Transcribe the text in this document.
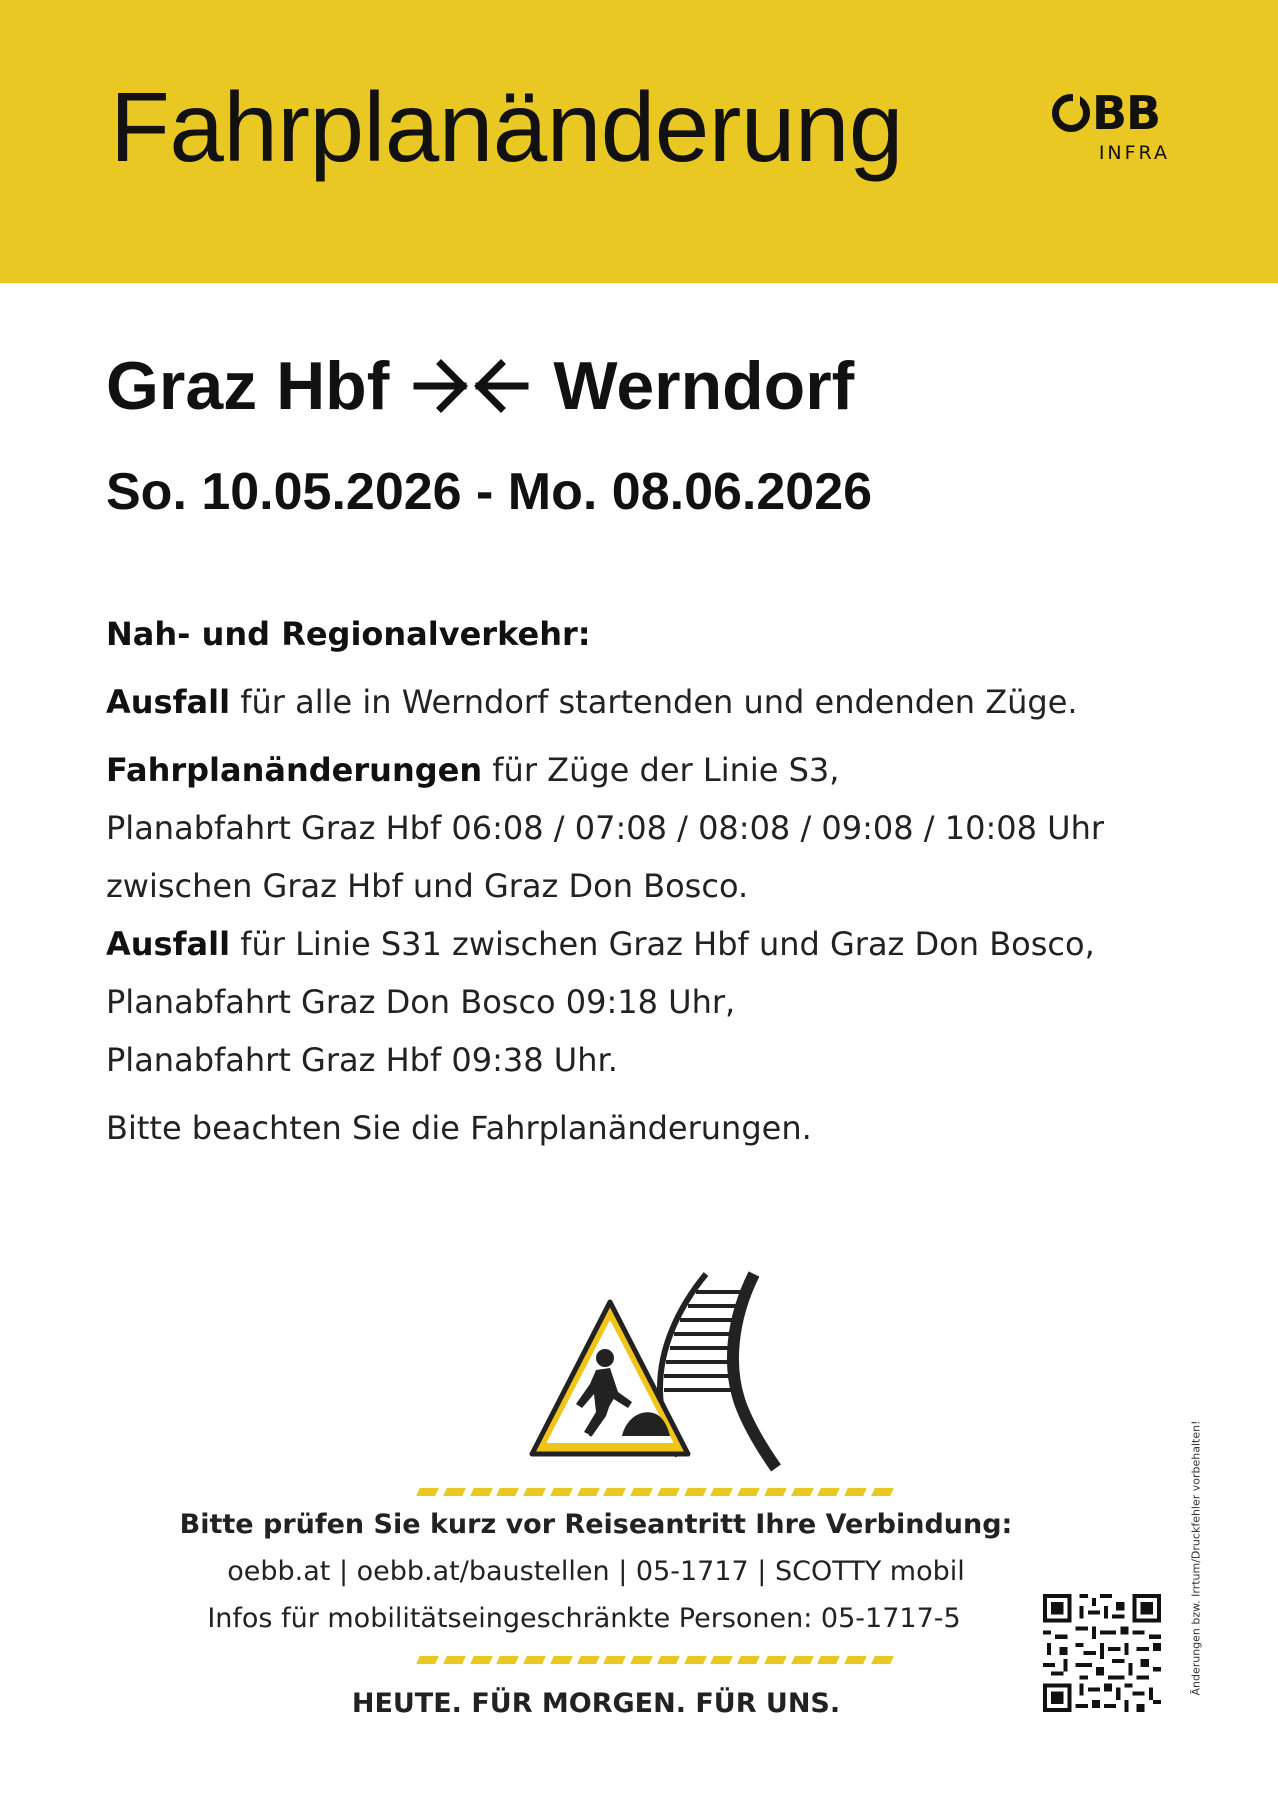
Fahrplanänderung	BB
INFRA
Graz Hbf Werndorf
So. 10.05.2026 - Mo. 08.06.2026
Nah- und Regionalverkehr:
Ausfall für alle in Werndorf startenden und endenden Züge.
Fahrplanänderungen für Züge der Linie S3,
Planabfahrt Graz Hbf 06:08 / 07:08 / 08:08 / 09:08 / 10:08 Uhr
zwischen Graz Hbf und Graz Don Bosco.
Ausfall für Linie S31 zwischen Graz Hbf und Graz Don Bosco,
Planabfahrt Graz Don Bosco 09:18 Uhr,
Planabfahrt Graz Hbf 09:38 Uhr.
Bitte beachten Sie die Fahrplanänderungen.
Bitte prüfen Sie kurz vor Reiseantritt Ihre Verbindung:
oebb.at | oebb.at/baustellen | 05-1717 | SCOTTY mobil
Infos für mobilitätseingeschränkte Personen: 05-1717-5
HEUTE. FÜR MORGEN. FÜR UNS.
Änderungen bzw. Irrtum/Druckfehler vorbehalten!
